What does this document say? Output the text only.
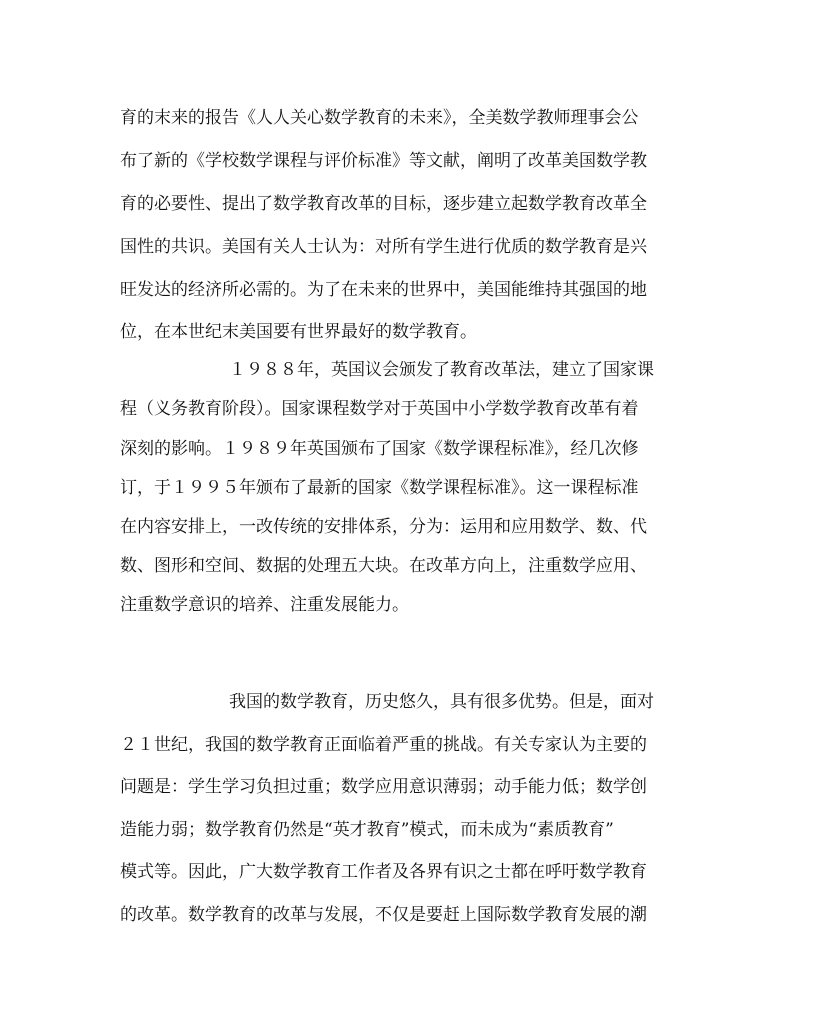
育的末来的报告《人人关心数学教育的未来》，全美数学教师理事会公
布了新的《学校数学课程与评价标准》等文献，阐明了改革美国数学教
育的必要性、提出了数学教育改革的目标，逐步建立起数学教育改革全
国性的共识。美国有关人士认为：对所有学生进行优质的数学教育是兴
旺发达的经济所必需的。为了在未来的世界中，美国能维持其强国的地
位，在本世纪末美国要有世界最好的数学教育。
１９８８年，英国议会颁发了教育改革法，建立了国家课
程（义务教育阶段）。国家课程数学对于英国中小学数学教育改革有着
深刻的影响。１９８９年英国颁布了国家《数学课程标准》，经几次修
订，于１９９５年颁布了最新的国家《数学课程标准》。这一课程标准
在内容安排上，一改传统的安排体系，分为：运用和应用数学、数、代
数、图形和空间、数据的处理五大块。在改革方向上，注重数学应用、
注重数学意识的培养、注重发展能力。
我国的数学教育，历史悠久，具有很多优势。但是，面对
２１世纪，我国的数学教育正面临着严重的挑战。有关专家认为主要的
问题是：学生学习负担过重；数学应用意识薄弱；动手能力低；数学创
造能力弱；数学教育仍然是“英才教育”模式，而未成为“素质教育”
模式等。因此，广大数学教育工作者及各界有识之士都在呼吁数学教育
的改革。数学教育的改革与发展，不仅是要赶上国际数学教育发展的潮
